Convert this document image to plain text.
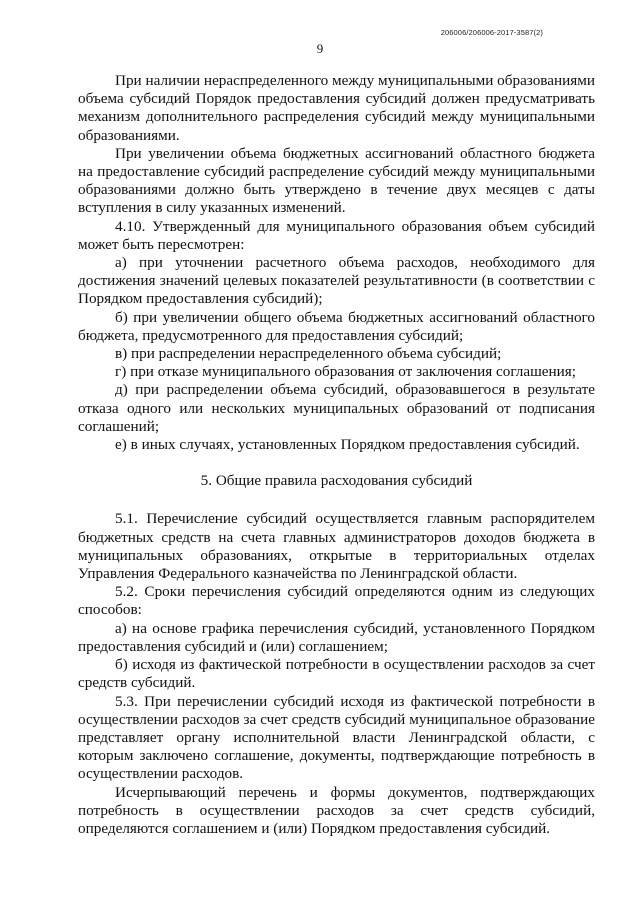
206006/206006-2017-3587(2)
9

При наличии нераспределенного между муниципальными образованиями объема субсидий Порядок предоставления субсидий должен предусматривать механизм дополнительного распределения субсидий между муниципальными образованиями.

При увеличении объема бюджетных ассигнований областного бюджета на предоставление субсидий распределение субсидий между муниципальными образованиями должно быть утверждено в течение двух месяцев с даты вступления в силу указанных изменений.

4.10. Утвержденный для муниципального образования объем субсидий может быть пересмотрен:

а) при уточнении расчетного объема расходов, необходимого для достижения значений целевых показателей результативности (в соответствии с Порядком предоставления субсидий);

б) при увеличении общего объема бюджетных ассигнований областного бюджета, предусмотренного для предоставления субсидий;

в) при распределении нераспределенного объема субсидий;

г) при отказе муниципального образования от заключения соглашения;

д) при распределении объема субсидий, образовавшегося в результате отказа одного или нескольких муниципальных образований от подписания соглашений;

е) в иных случаях, установленных Порядком предоставления субсидий.

5. Общие правила расходования субсидий

5.1. Перечисление субсидий осуществляется главным распорядителем бюджетных средств на счета главных администраторов доходов бюджета в муниципальных образованиях, открытые в территориальных отделах Управления Федерального казначейства по Ленинградской области.

5.2. Сроки перечисления субсидий определяются одним из следующих способов:

а) на основе графика перечисления субсидий, установленного Порядком предоставления субсидий и (или) соглашением;

б) исходя из фактической потребности в осуществлении расходов за счет средств субсидий.

5.3. При перечислении субсидий исходя из фактической потребности в осуществлении расходов за счет средств субсидий муниципальное образование представляет органу исполнительной власти Ленинградской области, с которым заключено соглашение, документы, подтверждающие потребность в осуществлении расходов.

Исчерпывающий перечень и формы документов, подтверждающих потребность в осуществлении расходов за счет средств субсидий, определяются соглашением и (или) Порядком предоставления субсидий.
